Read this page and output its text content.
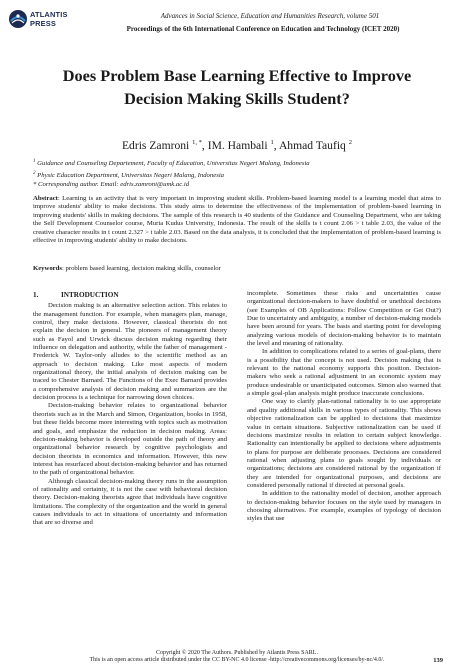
ATLANTIS
PRESS
Advances in Social Science, Education and Humanities Research, volume 501
Proceedings of the 6th International Conference on Education and Technology (ICET 2020)
Does Problem Base Learning Effective to Improve
Decision Making Skills Student?
Edris Zamroni $^{1, *}$, IM. Hambali $^1$, Ahmad Taufiq $^2$
$^1$ Guidance and Counseling Departement, Faculty of Education, Universitas Negeri Malang, Indonesia
$^2$ Physic Education Department, Universitas Negeri Malang, Indonesia
* Corresponding author. Email: edris.zamroni@umk.ac.id
Abstract: Learning is an activity that is very important in improving student skills. Problem-based learning model is a learning model that aims to improve students' ability to make decisions. This study aims to determine the effectiveness of the implementation of problem-based learning in improving students' skills in making decisions. The sample of this research is 40 students of the Guidance and Counseling Department, who are taking the Self Development Counselor course, Muria Kudus University, Indonesia. The result of the skills is t count 2.06 > t table 2.03, the value of the creative character results in t count 2.327 > t table 2.03. Based on the data analysis, it is concluded that the implementation of problem-based learning is effective in improving students' ability to make decisions.
Keywords: problem based learning, decision making skills, counselor
1.	INTRODUCTION

Decision making is an alternative selection action. This relates to the management function. For example, when managers plan, manage, control, they make decisions. However, classical theorists do not explain the decision in general. The pioneers of management theory such as Fayol and Urwick discuss decision making regarding their influence on delegation and authority, while the father of management - Frederick W. Taylor-only alludes to the scientific method as an approach to decision making. Like most aspects of modern organizational theory, the initial analysis of decision making can be traced to Chester Barnard. The Functions of the Exec Barnard provides a comprehensive analysis of decision making and summarizes are the decision process is a technique for narrowing down choices.

Decision-making behavior relates to organizational behavior theorists such as in the March and Simon, Organization, books in 1958, but these fields become more interesting with topics such as motivation and goals, and emphasize the reduction in decision making. Areas: decision-making behavior is developed outside the path of theory and organizational behavior research by cognitive psychologists and decision theorists in economics and information. However, this new interest has resurfaced about decision-making behavior and has returned to the path of organizational behavior.

Although classical decision-making theory runs in the assumption of rationality and certainty, it is not the case with behavioral decision theory. Decision-making theorists agree that individuals have cognitive limitations. The complexity of the organization and the world in general causes individuals to act in situations of uncertainty and information that are so diverse and

incomplete. Sometimes these risks and uncertainties cause organizational decision-makers to have doubtful or unethical decisions (see Examples of OB Applications: Follow Competition or Get Out?) Due to uncertainty and ambiguity, a number of decision-making models have been around for years. The basis and starting point for developing analyzing various models of decision-making behavior is to maintain the level and meaning of rationality.

In addition to complications related to a series of goal-plans, there is a possibility that the concept is not used. Decision making that is relevant to the national economy supports this position. Decision-makers who seek a rational adjustment in an economic system may produce undesirable or unanticipated outcomes. Simon also warned that a simple goal-plan analysis might produce inaccurate conclusions.

One way to clarify plan-rational rationality is to use appropriate and quality additional skills in various types of rationality. This shows objective rationalization can be applied to decisions that maximize value in certain situations. Subjective rationalization can be used if decisions maximize results in relation to certain subject knowledge. Rationality can intentionally be applied to decisions where adjustments to plans for purpose are deliberate processes. Decisions are considered rational when adjusting plans to goals sought by individuals or organizations; decisions are considered rational by the organization if they are intended for organizational purposes, and decisions are considered personally rational if directed at personal goals.

In addition to the rationality model of decision, another approach to decision-making behavior focuses on the style used by managers in choosing alternatives. For example, examples of typology of decision styles that use

Copyright © 2020 The Authors. Published by Atlantis Press SARL.
This is an open access article distributed under the CC BY-NC 4.0 license -http://creativecommons.org/licenses/by-nc/4.0/.	139
